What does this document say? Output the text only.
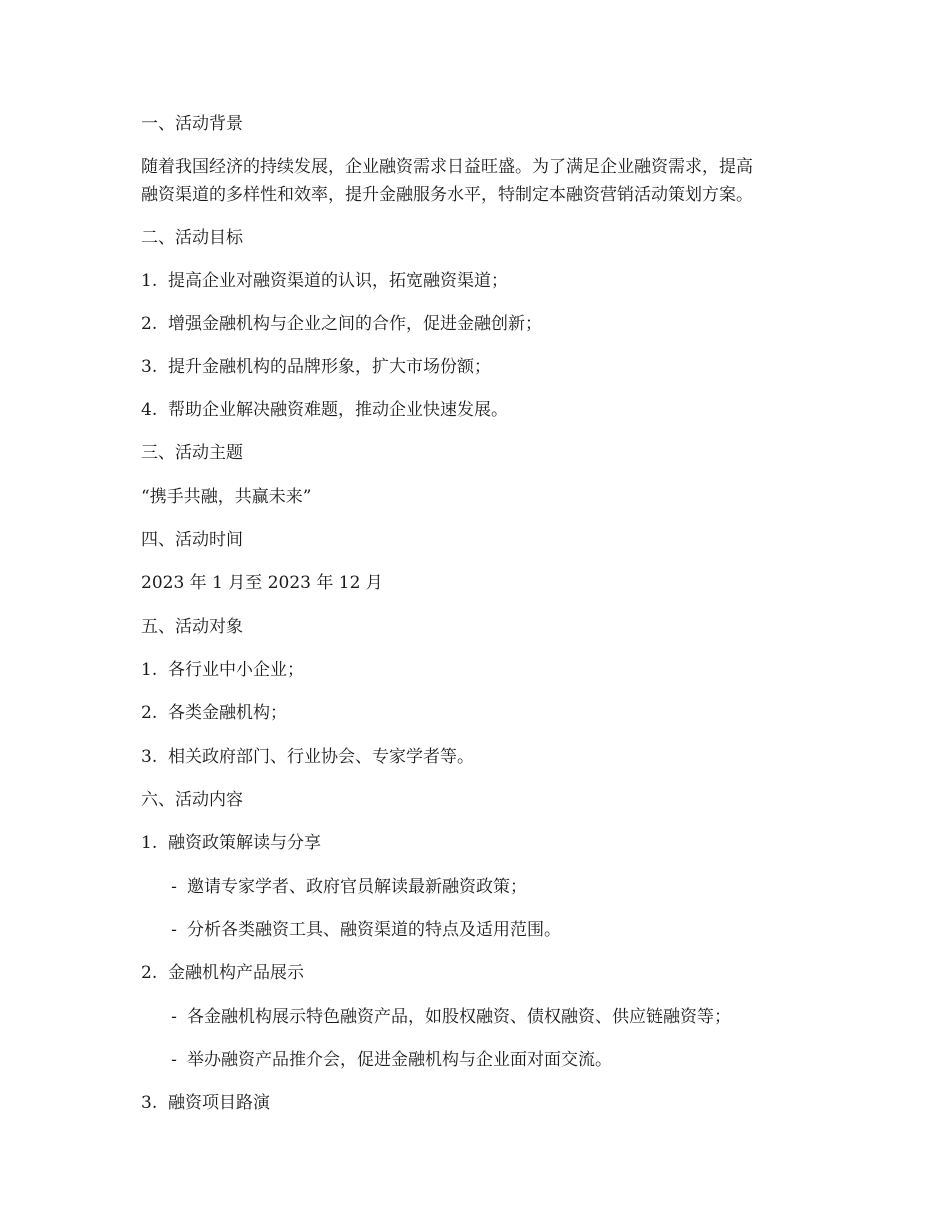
一、活动背景
随着我国经济的持续发展，企业融资需求日益旺盛。为了满足企业融资需求，提高
融资渠道的多样性和效率，提升金融服务水平，特制定本融资营销活动策划方案。
二、活动目标
1. 提高企业对融资渠道的认识，拓宽融资渠道；
2. 增强金融机构与企业之间的合作，促进金融创新；
3. 提升金融机构的品牌形象，扩大市场份额；
4. 帮助企业解决融资难题，推动企业快速发展。
三、活动主题
“携手共融，共赢未来”
四、活动时间
2023 年 1 月至 2023 年 12 月
五、活动对象
1. 各行业中小企业；
2. 各类金融机构；
3. 相关政府部门、行业协会、专家学者等。
六、活动内容
1. 融资政策解读与分享
- 邀请专家学者、政府官员解读最新融资政策；
- 分析各类融资工具、融资渠道的特点及适用范围。
2. 金融机构产品展示
- 各金融机构展示特色融资产品，如股权融资、债权融资、供应链融资等；
- 举办融资产品推介会，促进金融机构与企业面对面交流。
3. 融资项目路演
